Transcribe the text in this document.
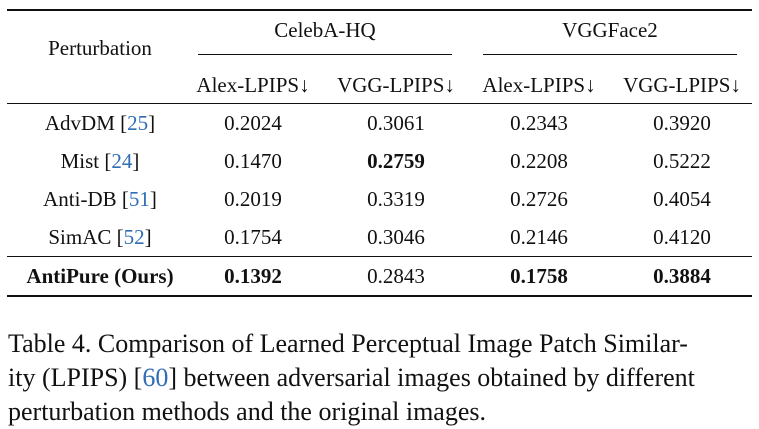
Perturbation
CelebA-HQ	VGGFace2
Alex-LPIPS↓	VGG-LPIPS↓	Alex-LPIPS↓	VGG-LPIPS↓
AdvDM [25]	0.2024	0.3061	0.2343	0.3920
Mist [24]	0.1470	0.2759	0.2208	0.5222
Anti-DB [51]	0.2019	0.3319	0.2726	0.4054
SimAC [52]	0.1754	0.3046	0.2146	0.4120
AntiPure (Ours)	0.1392	0.2843	0.1758	0.3884
Table 4. Comparison of Learned Perceptual Image Patch Similar-
ity (LPIPS) [60] between adversarial images obtained by different
perturbation methods and the original images.
